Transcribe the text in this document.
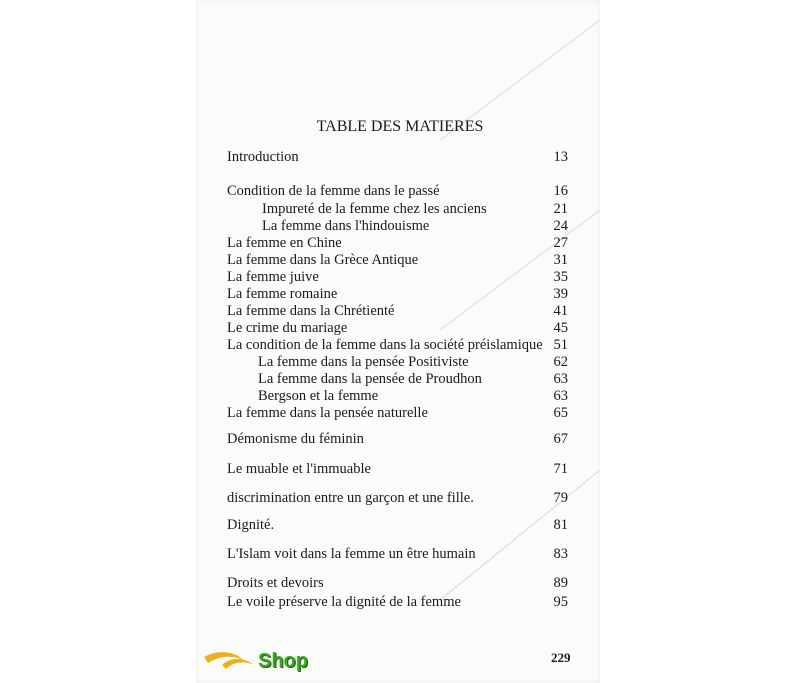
TABLE DES MATIERES
Introduction	13
Condition de la femme dans le passé	16
Impureté de la femme chez les anciens	21
La femme dans l'hindouisme	24
La femme en Chine	27
La femme dans la Grèce Antique	31
La femme juive	35
La femme romaine	39
La femme dans la Chrétienté	41
Le crime du mariage	45
La condition de la femme dans la société préislamique 51
La femme dans la pensée Positiviste	62
La femme dans la pensée de Proudhon	63
Bergson et la femme	63
La femme dans la pensée naturelle	65
Démonisme du féminin	67
Le muable et l'immuable	71
discrimination entre un garçon et une fille.	79
Dignité.	81
L'Islam voit dans la femme un être humain	83
Droits et devoirs	89
Le voile préserve la dignité de la femme	95
229
Shop
